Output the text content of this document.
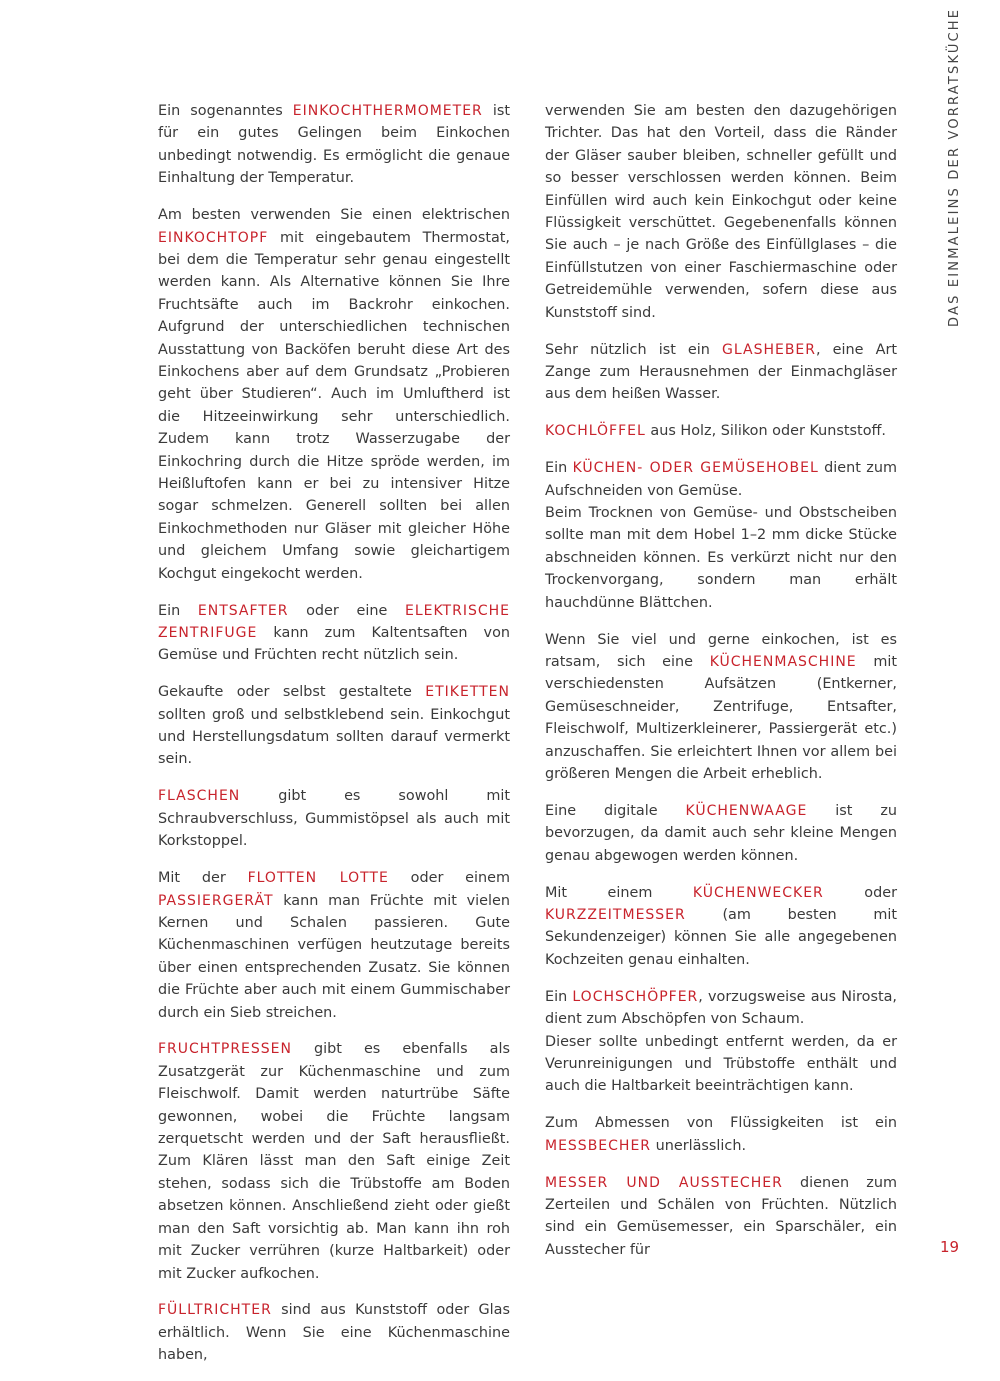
DAS EINMALEINS DER VORRATSKÜCHE

Ein sogenanntes EINKOCHTHERMOMETER ist für ein gutes Gelingen beim Einkochen unbedingt notwendig. Es ermöglicht die genaue Einhaltung der Temperatur.

Am besten verwenden Sie einen elektrischen EINKOCHTOPF mit eingebautem Thermostat, bei dem die Temperatur sehr genau eingestellt werden kann. Als Alternative können Sie Ihre Fruchtsäfte auch im Backrohr einkochen. Aufgrund der unterschiedlichen technischen Ausstattung von Backöfen beruht diese Art des Einkochens aber auf dem Grundsatz „Probieren geht über Studieren“. Auch im Umluftherd ist die Hitzeeinwirkung sehr unterschiedlich. Zudem kann trotz Wasserzugabe der Einkochring durch die Hitze spröde werden, im Heißluftofen kann er bei zu intensiver Hitze sogar schmelzen. Generell sollten bei allen Einkochmethoden nur Gläser mit gleicher Höhe und gleichem Umfang sowie gleichartigem Kochgut eingekocht werden.

Ein ENTSAFTER oder eine ELEKTRISCHE ZENTRIFUGE kann zum Kaltentsaften von Gemüse und Früchten recht nützlich sein.

Gekaufte oder selbst gestaltete ETIKETTEN sollten groß und selbstklebend sein. Einkochgut und Herstellungsdatum sollten darauf vermerkt sein.

FLASCHEN gibt es sowohl mit Schraubverschluss, Gummistöpsel als auch mit Korkstoppel.

Mit der FLOTTEN LOTTE oder einem PASSIERGERÄT kann man Früchte mit vielen Kernen und Schalen passieren. Gute Küchenmaschinen verfügen heutzutage bereits über einen entsprechenden Zusatz. Sie können die Früchte aber auch mit einem Gummischaber durch ein Sieb streichen.

FRUCHTPRESSEN gibt es ebenfalls als Zusatzgerät zur Küchenmaschine und zum Fleischwolf. Damit werden naturtrübe Säfte gewonnen, wobei die Früchte langsam zerquetscht werden und der Saft herausfließt. Zum Klären lässt man den Saft einige Zeit stehen, sodass sich die Trübstoffe am Boden absetzen können. Anschließend zieht oder gießt man den Saft vorsichtig ab. Man kann ihn roh mit Zucker verrühren (kurze Haltbarkeit) oder mit Zucker aufkochen.

FÜLLTRICHTER sind aus Kunststoff oder Glas erhältlich. Wenn Sie eine Küchenmaschine haben,

verwenden Sie am besten den dazugehörigen Trichter. Das hat den Vorteil, dass die Ränder der Gläser sauber bleiben, schneller gefüllt und so besser verschlossen werden können. Beim Einfüllen wird auch kein Einkochgut oder keine Flüssigkeit verschüttet. Gegebenenfalls können Sie auch – je nach Größe des Einfüllglases – die Einfüllstutzen von einer Faschiermaschine oder Getreidemühle verwenden, sofern diese aus Kunststoff sind.

Sehr nützlich ist ein GLASHEBER, eine Art Zange zum Herausnehmen der Einmachgläser aus dem heißen Wasser.

KOCHLÖFFEL aus Holz, Silikon oder Kunststoff.

Ein KÜCHEN- ODER GEMÜSEHOBEL dient zum Aufschneiden von Gemüse.
Beim Trocknen von Gemüse- und Obstscheiben sollte man mit dem Hobel 1–2 mm dicke Stücke abschneiden können. Es verkürzt nicht nur den Trockenvorgang, sondern man erhält hauchdünne Blättchen.

Wenn Sie viel und gerne einkochen, ist es ratsam, sich eine KÜCHENMASCHINE mit verschiedensten Aufsätzen (Entkerner, Gemüseschneider, Zentrifuge, Entsafter, Fleischwolf, Multizerkleinerer, Passiergerät etc.) anzuschaffen. Sie erleichtert Ihnen vor allem bei größeren Mengen die Arbeit erheblich.

Eine digitale KÜCHENWAAGE ist zu bevorzugen, da damit auch sehr kleine Mengen genau abgewogen werden können.

Mit einem KÜCHENWECKER oder KURZZEITMESSER (am besten mit Sekundenzeiger) können Sie alle angegebenen Kochzeiten genau einhalten.

Ein LOCHSCHÖPFER, vorzugsweise aus Nirosta, dient zum Abschöpfen von Schaum.
Dieser sollte unbedingt entfernt werden, da er Verunreinigungen und Trübstoffe enthält und auch die Haltbarkeit beeinträchtigen kann.

Zum Abmessen von Flüssigkeiten ist ein MESSBECHER unerlässlich.

MESSER UND AUSSTECHER dienen zum Zerteilen und Schälen von Früchten. Nützlich sind ein Gemüsemesser, ein Sparschäler, ein Ausstecher für	19
